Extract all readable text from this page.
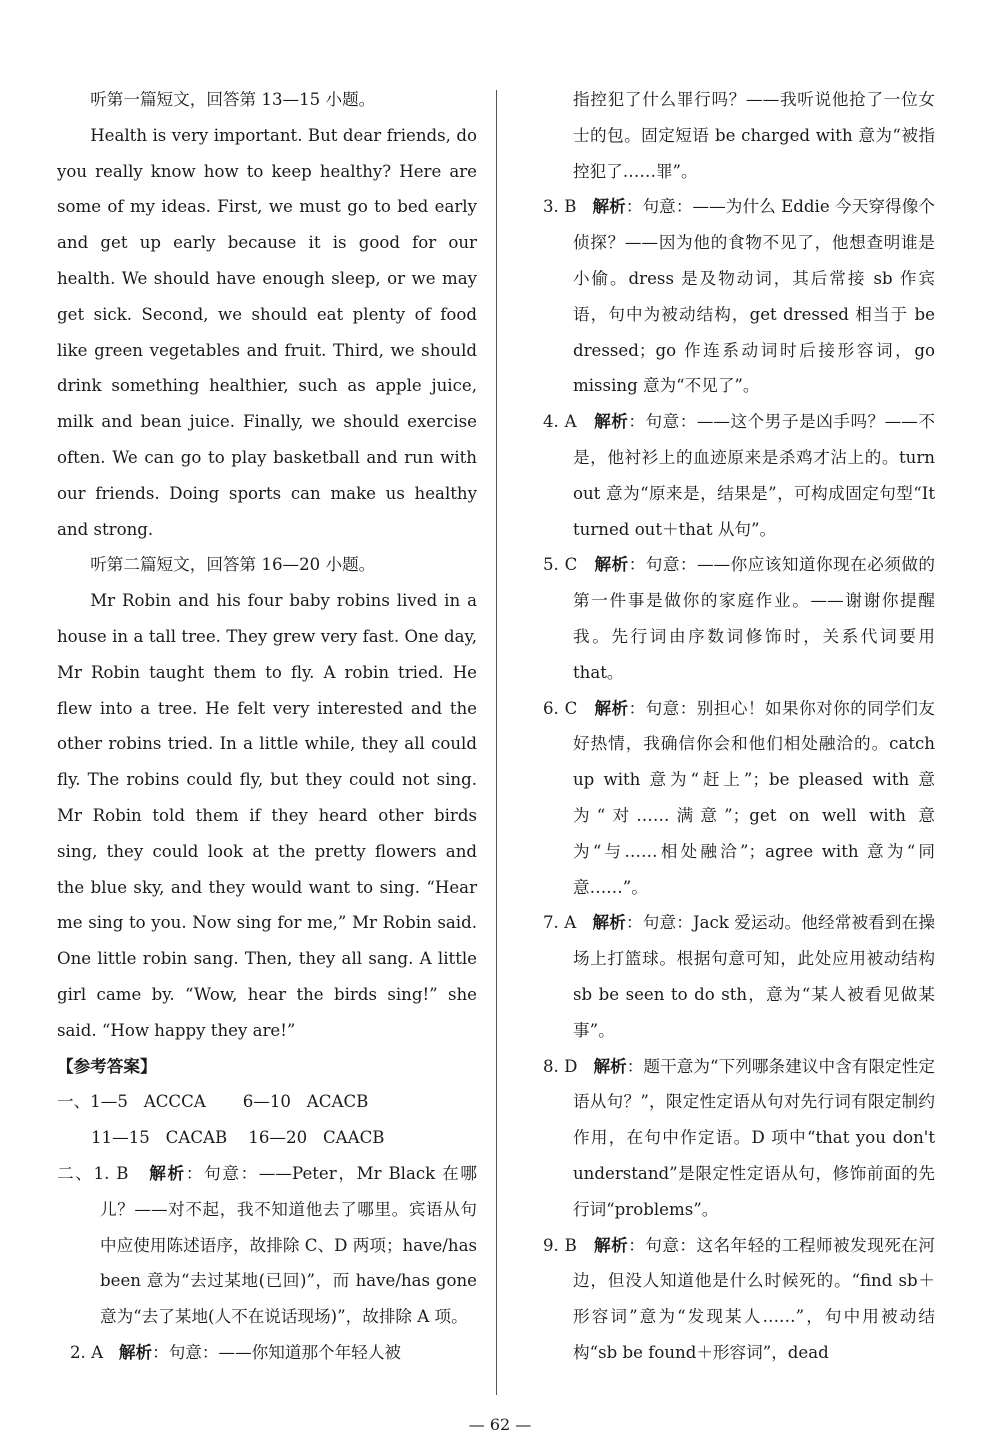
听第一篇短文，回答第 13—15 小题。

Health is very important. But dear friends, do you really know how to keep healthy? Here are some of my ideas. First, we must go to bed early and get up early because it is good for our health. We should have enough sleep, or we may get sick. Second, we should eat plenty of food like green vegetables and fruit. Third, we should drink something healthier, such as apple juice, milk and bean juice. Finally, we should exercise often. We can go to play basketball and run with our friends. Doing sports can make us healthy and strong.

听第二篇短文，回答第 16—20 小题。

Mr Robin and his four baby robins lived in a house in a tall tree. They grew very fast. One day, Mr Robin taught them to fly. A robin tried. He flew into a tree. He felt very interested and the other robins tried. In a little while, they all could fly. The robins could fly, but they could not sing. Mr Robin told them if they heard other birds sing, they could look at the pretty flowers and the blue sky, and they would want to sing. “Hear me sing to you. Now sing for me,” Mr Robin said. One little robin sang. Then, they all sang. A little girl came by. “Wow, hear the birds sing!” she said. “How happy they are!”

【参考答案】

一、1—5   ACCCA       6—10   ACACB

11—15   CACAB    16—20   CAACB

二、1. B 解析：句意：——Peter，Mr Black 在哪儿？——对不起，我不知道他去了哪里。宾语从句中应使用陈述语序，故排除 C、D 两项；have/has been 意为“去过某地(已回)”，而 have/has gone 意为“去了某地(人不在说话现场)”，故排除 A 项。

2. A 解析：句意：——你知道那个年轻人被

指控犯了什么罪行吗？——我听说他抢了一位女士的包。固定短语 be charged with 意为“被指控犯了……罪”。

3. B 解析：句意：——为什么 Eddie 今天穿得像个侦探？——因为他的食物不见了，他想查明谁是小偷。dress 是及物动词，其后常接 sb 作宾语，句中为被动结构，get dressed 相当于 be dressed；go 作连系动词时后接形容词，go missing 意为“不见了”。

4. A 解析：句意：——这个男子是凶手吗？——不是，他衬衫上的血迹原来是杀鸡才沾上的。turn out 意为“原来是，结果是”，可构成固定句型“It turned out＋that 从句”。

5. C 解析：句意：——你应该知道你现在必须做的第一件事是做你的家庭作业。——谢谢你提醒我。先行词由序数词修饰时，关系代词要用 that。

6. C 解析：句意：别担心！如果你对你的同学们友好热情，我确信你会和他们相处融洽的。catch up with 意为“赶上”；be pleased with 意为“对……满意”；get on well with 意为“与……相处融洽”；agree with 意为“同意……”。

7. A 解析：句意：Jack 爱运动。他经常被看到在操场上打篮球。根据句意可知，此处应用被动结构 sb be seen to do sth，意为“某人被看见做某事”。

8. D 解析：题干意为“下列哪条建议中含有限定性定语从句？”，限定性定语从句对先行词有限定制约作用，在句中作定语。D 项中“that you don't understand”是限定性定语从句，修饰前面的先行词“problems”。

9. B 解析：句意：这名年轻的工程师被发现死在河边，但没人知道他是什么时候死的。“find sb＋形容词”意为“发现某人……”，句中用被动结构“sb be found＋形容词”，dead

— 62 —
